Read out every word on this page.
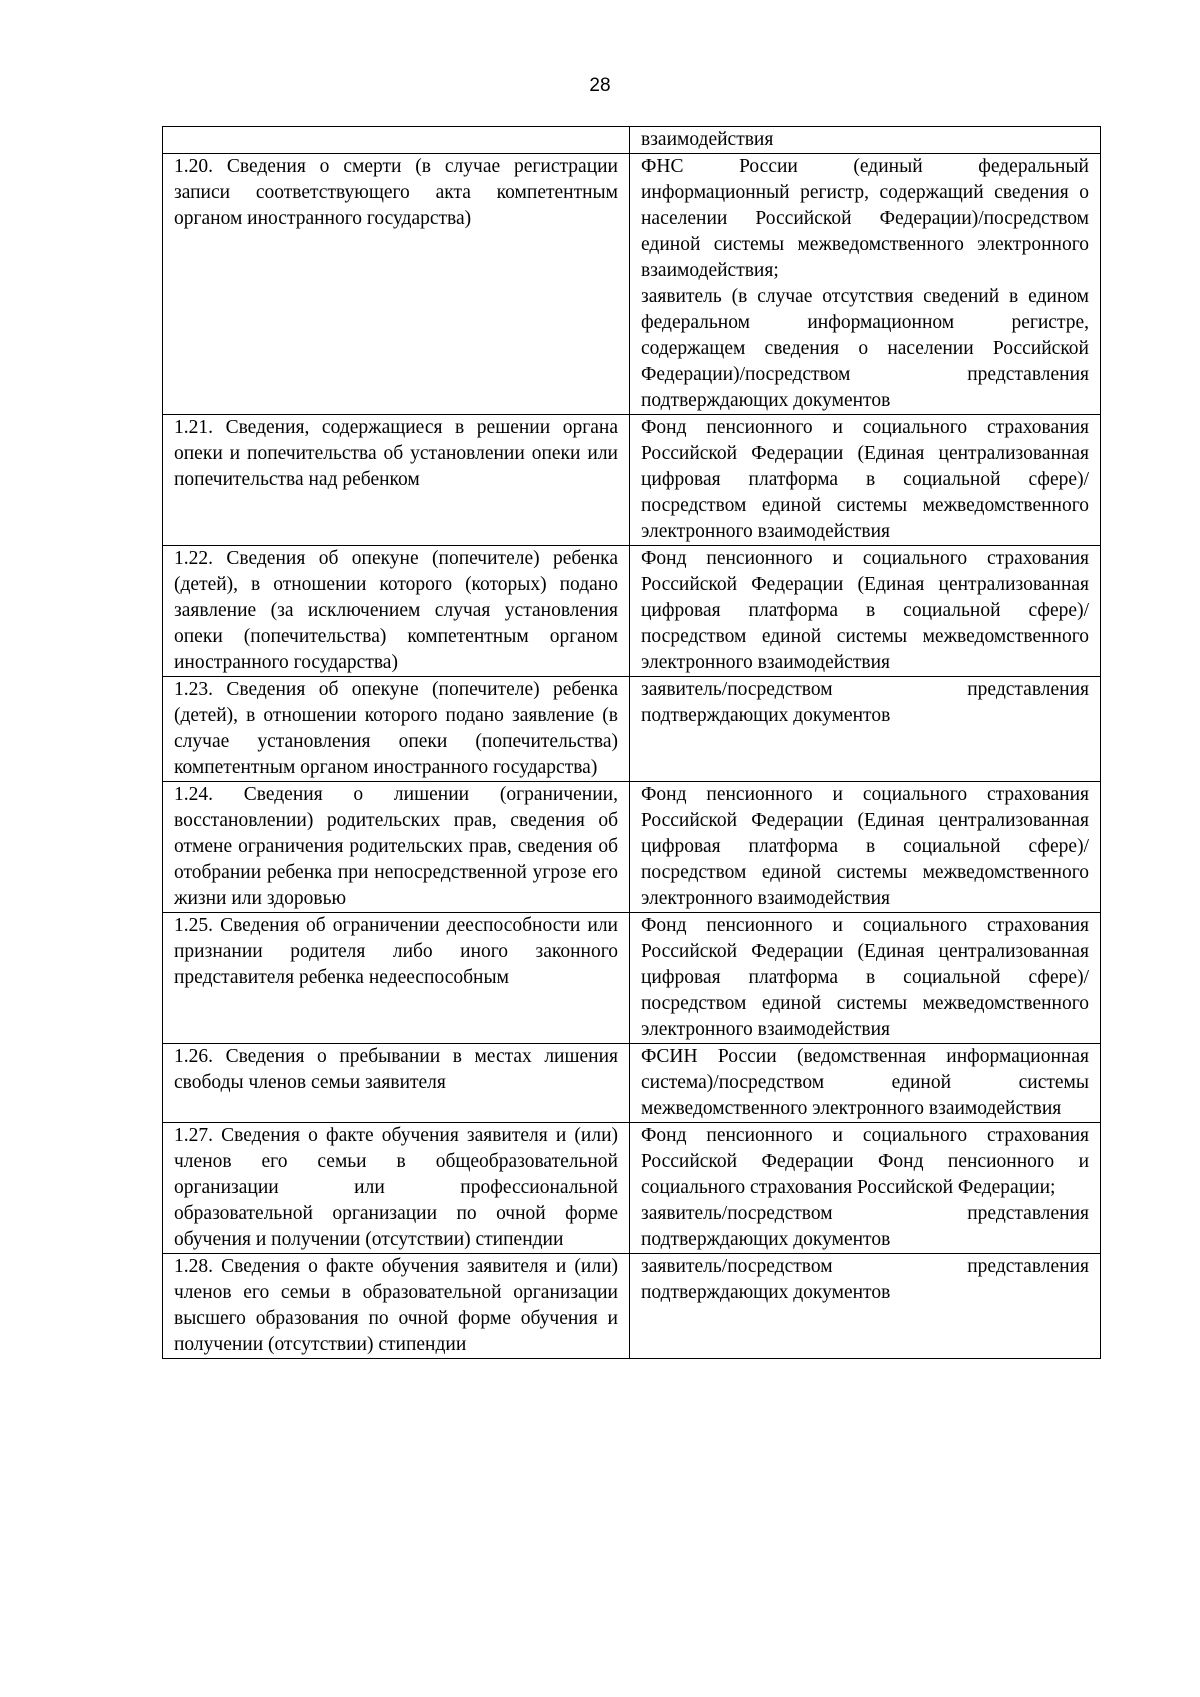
28

	взаимодействия

1.20. Сведения о смерти (в случае регистрации записи соответствующего акта компетентным органом иностранного государства)	ФНС России (единый федеральный информационный регистр, содержащий сведения о населении Российской Федерации)/посредством единой системы межведомственного электронного взаимодействия;
заявитель (в случае отсутствия сведений в едином федеральном информационном регистре, содержащем сведения о населении Российской Федерации)/посредством представления подтверждающих документов

1.21. Сведения, содержащиеся в решении органа опеки и попечительства об установлении опеки или попечительства над ребенком	Фонд пенсионного и социального страхования Российской Федерации (Единая централизованная цифровая платформа в социальной сфере)/посредством единой системы межведомственного электронного взаимодействия

1.22. Сведения об опекуне (попечителе) ребенка (детей), в отношении которого (которых) подано заявление (за исключением случая установления опеки (попечительства) компетентным органом иностранного государства)	Фонд пенсионного и социального страхования Российской Федерации (Единая централизованная цифровая платформа в социальной сфере)/посредством единой системы межведомственного электронного взаимодействия

1.23. Сведения об опекуне (попечителе) ребенка (детей), в отношении которого подано заявление (в случае установления опеки (попечительства) компетентным органом иностранного государства)	заявитель/посредством представления подтверждающих документов

1.24. Сведения о лишении (ограничении, восстановлении) родительских прав, сведения об отмене ограничения родительских прав, сведения об отобрании ребенка при непосредственной угрозе его жизни или здоровью	Фонд пенсионного и социального страхования Российской Федерации (Единая централизованная цифровая платформа в социальной сфере)/посредством единой системы межведомственного электронного взаимодействия

1.25. Сведения об ограничении дееспособности или признании родителя либо иного законного представителя ребенка недееспособным	Фонд пенсионного и социального страхования Российской Федерации (Единая централизованная цифровая платформа в социальной сфере)/посредством единой системы межведомственного электронного взаимодействия

1.26. Сведения о пребывании в местах лишения свободы членов семьи заявителя	ФСИН России (ведомственная информационная система)/посредством единой системы межведомственного электронного взаимодействия

1.27. Сведения о факте обучения заявителя и (или) членов его семьи в общеобразовательной организации или профессиональной образовательной организации по очной форме обучения и получении (отсутствии) стипендии	Фонд пенсионного и социального страхования Российской Федерации Фонд пенсионного и социального страхования Российской Федерации;
заявитель/посредством представления подтверждающих документов

1.28. Сведения о факте обучения заявителя и (или) членов его семьи в образовательной организации высшего образования по очной форме обучения и получении (отсутствии) стипендии	заявитель/посредством представления подтверждающих документов
